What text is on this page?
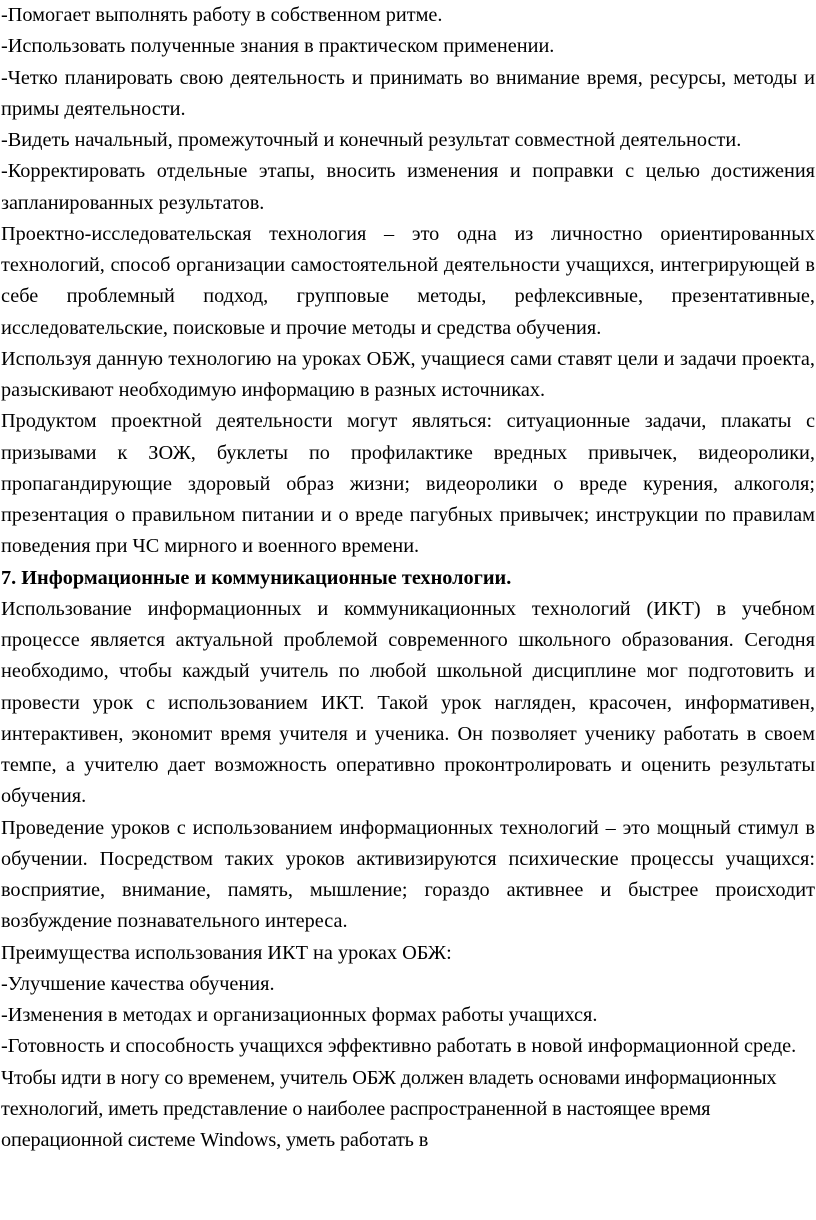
-Помогает выполнять работу в собственном ритме.

-Использовать полученные знания в практическом применении.

-Четко планировать свою деятельность и принимать во внимание время, ресурсы, методы и примы деятельности.

-Видеть начальный, промежуточный и конечный результат совместной деятельности.

-Корректировать отдельные этапы, вносить изменения и поправки с целью достижения запланированных результатов.

Проектно-исследовательская технология – это одна из личностно ориентированных технологий, способ организации самостоятельной деятельности учащихся, интегрирующей в себе проблемный подход, групповые методы, рефлексивные, презентативные, исследовательские, поисковые и прочие методы и средства обучения.

Используя данную технологию на уроках ОБЖ, учащиеся сами ставят цели и задачи проекта, разыскивают необходимую информацию в разных источниках.

Продуктом проектной деятельности могут являться: ситуационные задачи, плакаты с призывами к ЗОЖ, буклеты по профилактике вредных привычек, видеоролики, пропагандирующие здоровый образ жизни; видеоролики о вреде курения, алкоголя; презентация о правильном питании и о вреде пагубных привычек; инструкции по правилам поведения при ЧС мирного и военного времени.

7. Информационные и коммуникационные технологии.

Использование информационных и коммуникационных технологий (ИКТ) в учебном процессе является актуальной проблемой современного школьного образования. Сегодня необходимо, чтобы каждый учитель по любой школьной дисциплине мог подготовить и провести урок с использованием ИКТ. Такой урок нагляден, красочен, информативен, интерактивен, экономит время учителя и ученика. Он позволяет ученику работать в своем темпе, а учителю дает возможность оперативно проконтролировать и оценить результаты обучения.

Проведение уроков с использованием информационных технологий – это мощный стимул в обучении. Посредством таких уроков активизируются психические процессы учащихся: восприятие, внимание, память, мышление; гораздо активнее и быстрее происходит возбуждение познавательного интереса.

Преимущества использования ИКТ на уроках ОБЖ:

-Улучшение качества обучения.

-Изменения в методах и организационных формах работы учащихся.

-Готовность и способность учащихся эффективно работать в новой информационной среде.

Чтобы идти в ногу со временем, учитель ОБЖ должен владеть основами информационных технологий, иметь представление о наиболее распространенной в настоящее время операционной системе Windows, уметь работать в
